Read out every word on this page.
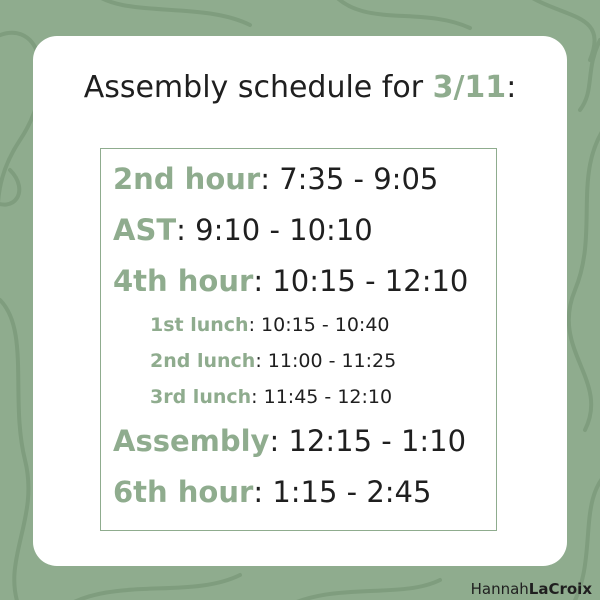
Assembly schedule for 3/11:
2nd hour: 7:35 - 9:05
AST: 9:10 - 10:10
4th hour: 10:15 - 12:10
1st lunch: 10:15 - 10:40
2nd lunch: 11:00 - 11:25
3rd lunch: 11:45 - 12:10
Assembly: 12:15 - 1:10
6th hour: 1:15 - 2:45
HannahLaCroix
